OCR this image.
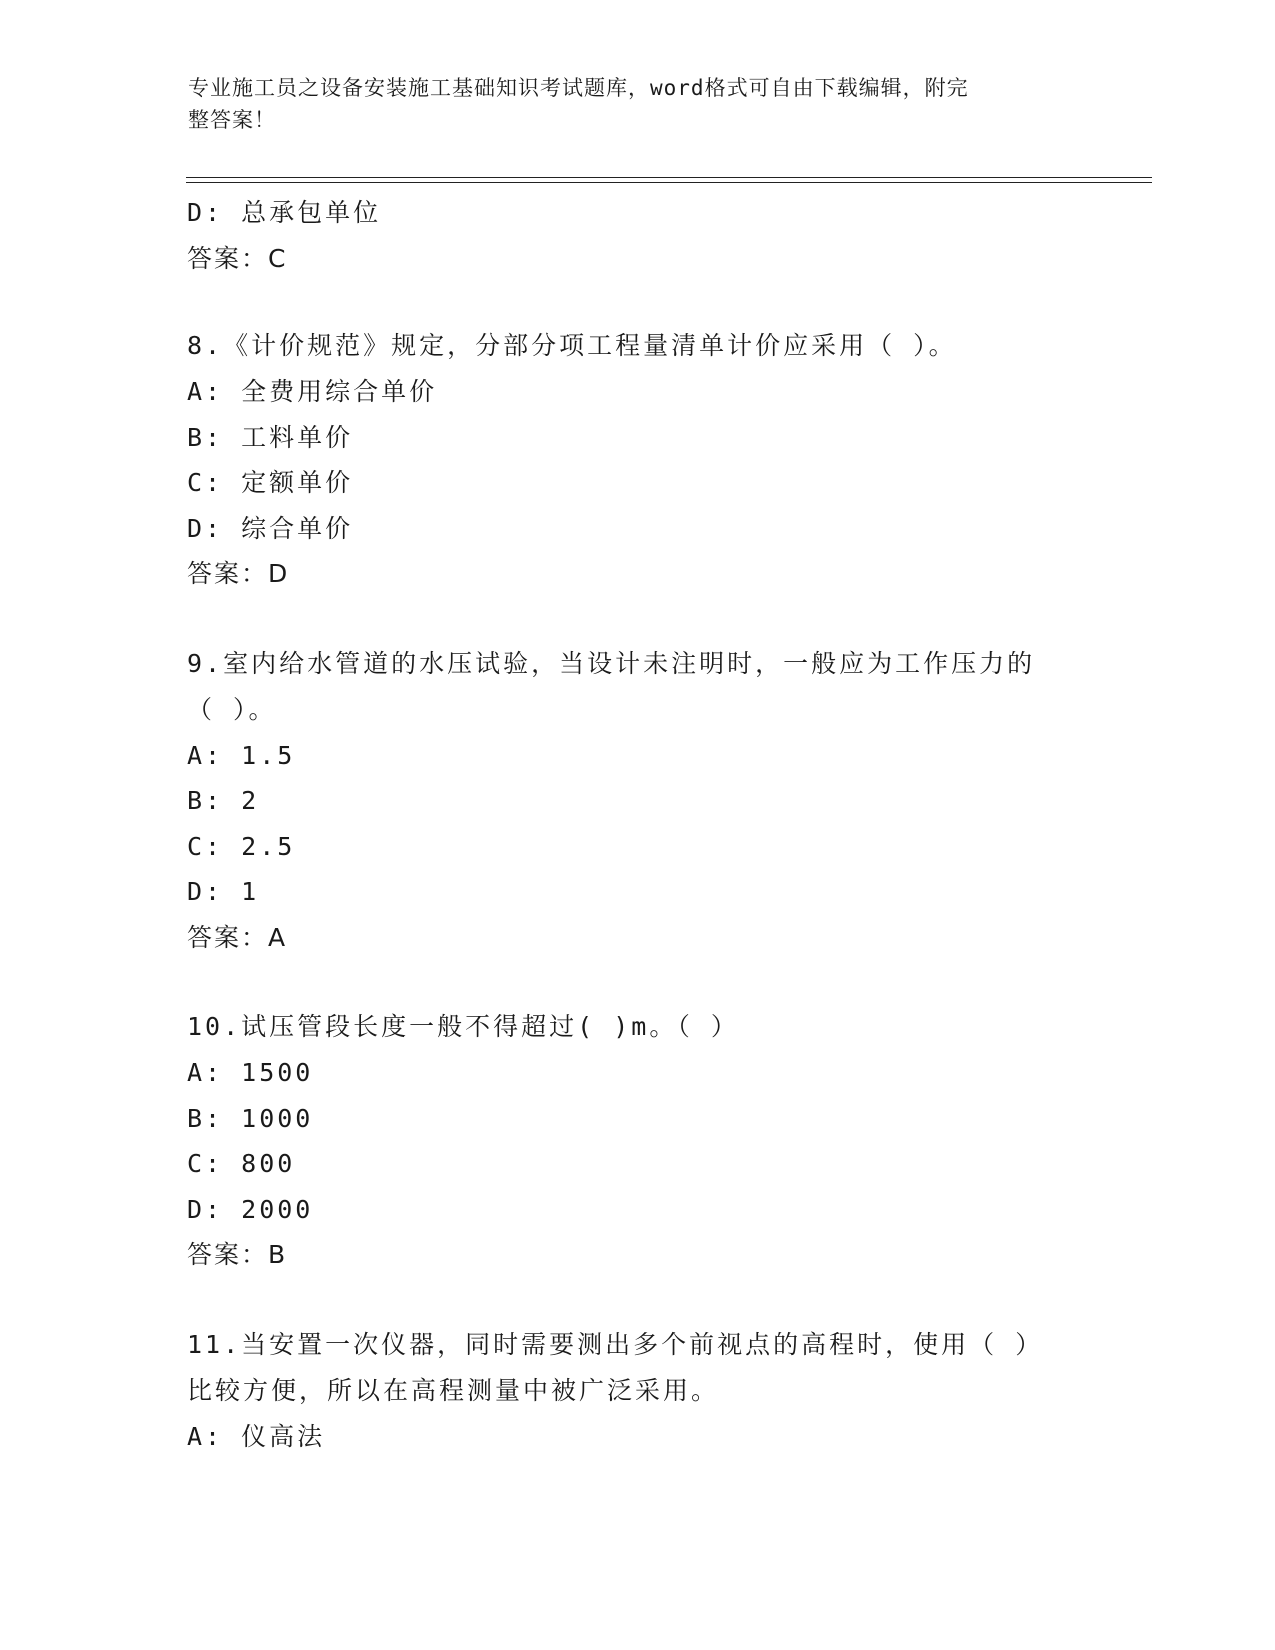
专业施工员之设备安装施工基础知识考试题库，word格式可自由下载编辑，附完
整答案！
D: 总承包单位
答案：C
8.《计价规范》规定，分部分项工程量清单计价应采用（ ）。
A: 全费用综合单价
B: 工料单价
C: 定额单价
D: 综合单价
答案：D
9.室内给水管道的水压试验，当设计未注明时，一般应为工作压力的
（ ）。
A: 1.5
B: 2
C: 2.5
D: 1
答案：A
10.试压管段长度一般不得超过( )m。（ ）
A: 1500
B: 1000
C: 800
D: 2000
答案：B
11.当安置一次仪器，同时需要测出多个前视点的高程时，使用（ ）
比较方便，所以在高程测量中被广泛采用。
A: 仪高法
